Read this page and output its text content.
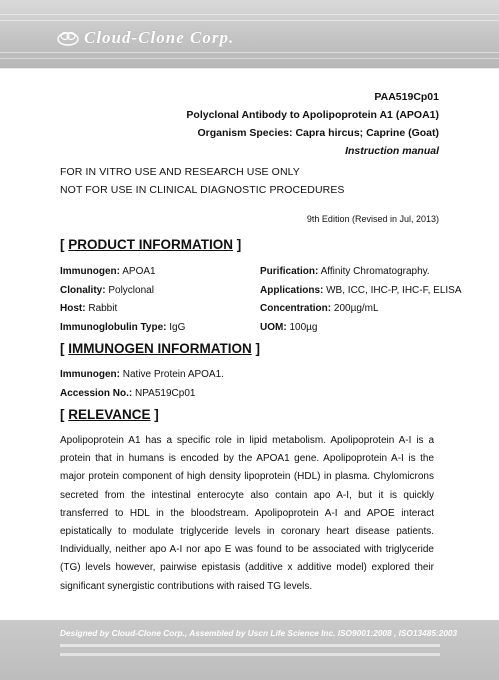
Cloud-Clone Corp.
PAA519Cp01
Polyclonal Antibody to Apolipoprotein A1 (APOA1)
Organism Species: Capra hircus; Caprine (Goat)
Instruction manual
FOR IN VITRO USE AND RESEARCH USE ONLY
NOT FOR USE IN CLINICAL DIAGNOSTIC PROCEDURES
9th Edition (Revised in Jul, 2013)
[ PRODUCT INFORMATION ]
Immunogen: APOA1
Clonality: Polyclonal
Host: Rabbit
Immunoglobulin Type: IgG
Purification: Affinity Chromatography.
Applications: WB, ICC, IHC-P, IHC-F, ELISA
Concentration: 200µg/mL
UOM: 100µg
[ IMMUNOGEN INFORMATION ]
Immunogen: Native Protein APOA1.
Accession No.: NPA519Cp01
[ RELEVANCE ]
Apolipoprotein A1 has a specific role in lipid metabolism. Apolipoprotein A-I is a protein that in humans is encoded by the APOA1 gene. Apolipoprotein A-I is the major protein component of high density lipoprotein (HDL) in plasma. Chylomicrons secreted from the intestinal enterocyte also contain apo A-I, but it is quickly transferred to HDL in the bloodstream. Apolipoprotein A-I and APOE interact epistatically to modulate triglyceride levels in coronary heart disease patients. Individually, neither apo A-I nor apo E was found to be associated with triglyceride (TG) levels however, pairwise epistasis (additive x additive model) explored their significant synergistic contributions with raised TG levels.
Designed by Cloud-Clone Corp., Assembled by Uscn Life Science Inc. ISO9001:2008 , ISO13485:2003
